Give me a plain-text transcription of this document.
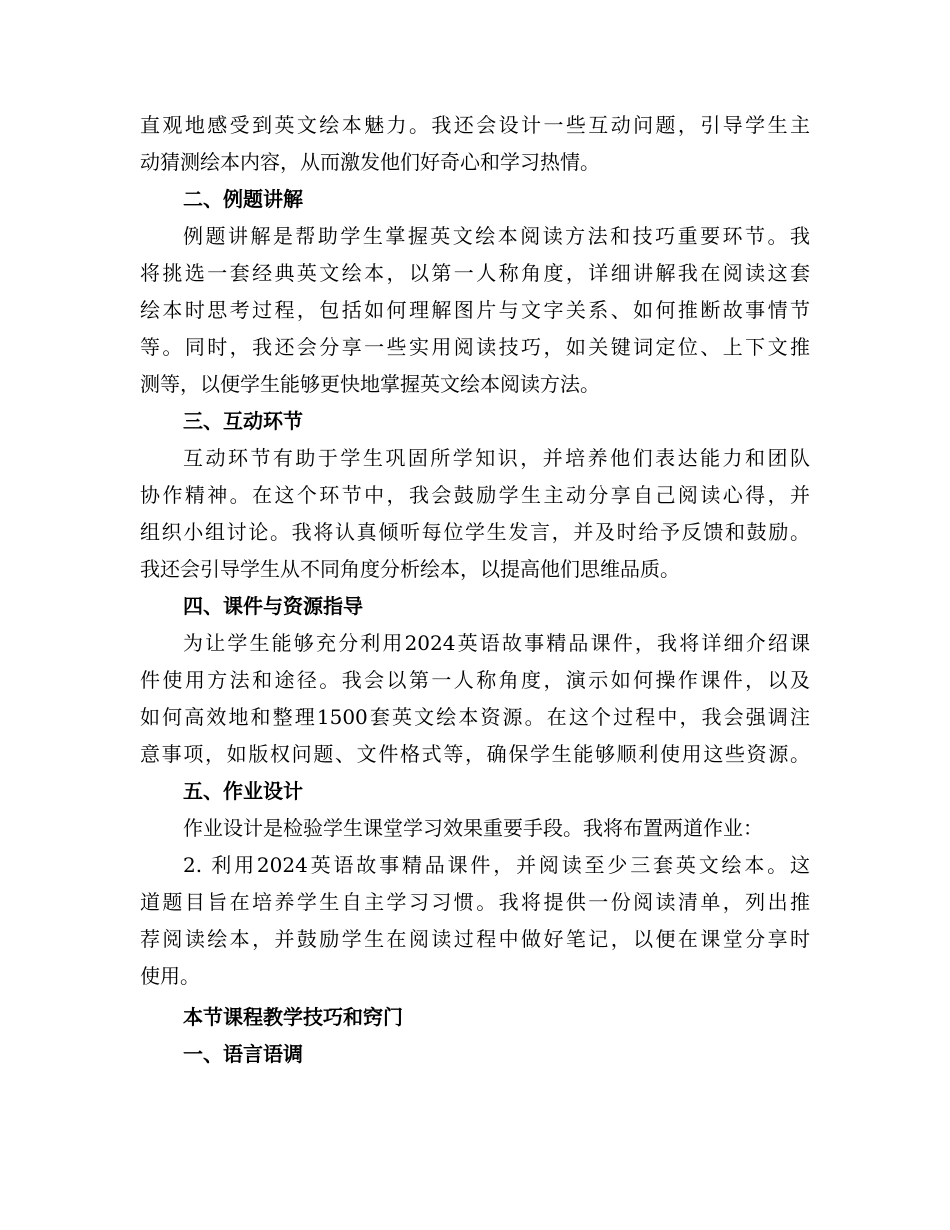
直观地感受到英文绘本魅力。我还会设计一些互动问题，引导学生主
动猜测绘本内容，从而激发他们好奇心和学习热情。
二、例题讲解
例题讲解是帮助学生掌握英文绘本阅读方法和技巧重要环节。我
将挑选一套经典英文绘本，以第一人称角度，详细讲解我在阅读这套
绘本时思考过程，包括如何理解图片与文字关系、如何推断故事情节
等。同时，我还会分享一些实用阅读技巧，如关键词定位、上下文推
测等，以便学生能够更快地掌握英文绘本阅读方法。
三、互动环节
互动环节有助于学生巩固所学知识，并培养他们表达能力和团队
协作精神。在这个环节中，我会鼓励学生主动分享自己阅读心得，并
组织小组讨论。我将认真倾听每位学生发言，并及时给予反馈和鼓励。
我还会引导学生从不同角度分析绘本，以提高他们思维品质。
四、课件与资源指导
为让学生能够充分利用2024英语故事精品课件，我将详细介绍课
件使用方法和途径。我会以第一人称角度，演示如何操作课件，以及
如何高效地和整理1500套英文绘本资源。在这个过程中，我会强调注
意事项，如版权问题、文件格式等，确保学生能够顺利使用这些资源。
五、作业设计
作业设计是检验学生课堂学习效果重要手段。我将布置两道作业：
2. 利用2024英语故事精品课件，并阅读至少三套英文绘本。这
道题目旨在培养学生自主学习习惯。我将提供一份阅读清单，列出推
荐阅读绘本，并鼓励学生在阅读过程中做好笔记，以便在课堂分享时
使用。
本节课程教学技巧和窍门
一、语言语调
